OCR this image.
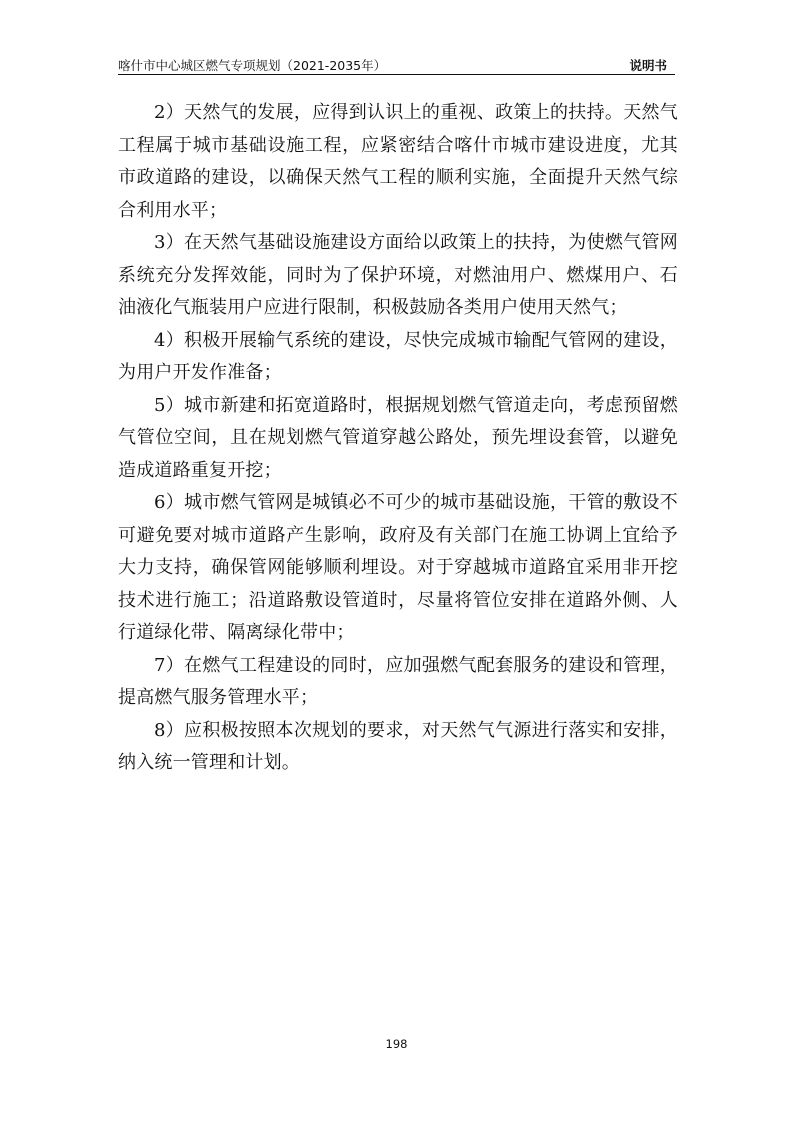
喀什市中心城区燃气专项规划（2021-2035年）	说明书

2）天然气的发展，应得到认识上的重视、政策上的扶持。天然气工程属于城市基础设施工程，应紧密结合喀什市城市建设进度，尤其市政道路的建设，以确保天然气工程的顺利实施，全面提升天然气综合利用水平；

3）在天然气基础设施建设方面给以政策上的扶持，为使燃气管网系统充分发挥效能，同时为了保护环境，对燃油用户、燃煤用户、石油液化气瓶装用户应进行限制，积极鼓励各类用户使用天然气；

4）积极开展输气系统的建设，尽快完成城市输配气管网的建设，为用户开发作准备；

5）城市新建和拓宽道路时，根据规划燃气管道走向，考虑预留燃气管位空间，且在规划燃气管道穿越公路处，预先埋设套管，以避免造成道路重复开挖；

6）城市燃气管网是城镇必不可少的城市基础设施，干管的敷设不可避免要对城市道路产生影响，政府及有关部门在施工协调上宜给予大力支持，确保管网能够顺利埋设。对于穿越城市道路宜采用非开挖技术进行施工；沿道路敷设管道时，尽量将管位安排在道路外侧、人行道绿化带、隔离绿化带中；

7）在燃气工程建设的同时，应加强燃气配套服务的建设和管理，提高燃气服务管理水平；

8）应积极按照本次规划的要求，对天然气气源进行落实和安排，纳入统一管理和计划。

198
